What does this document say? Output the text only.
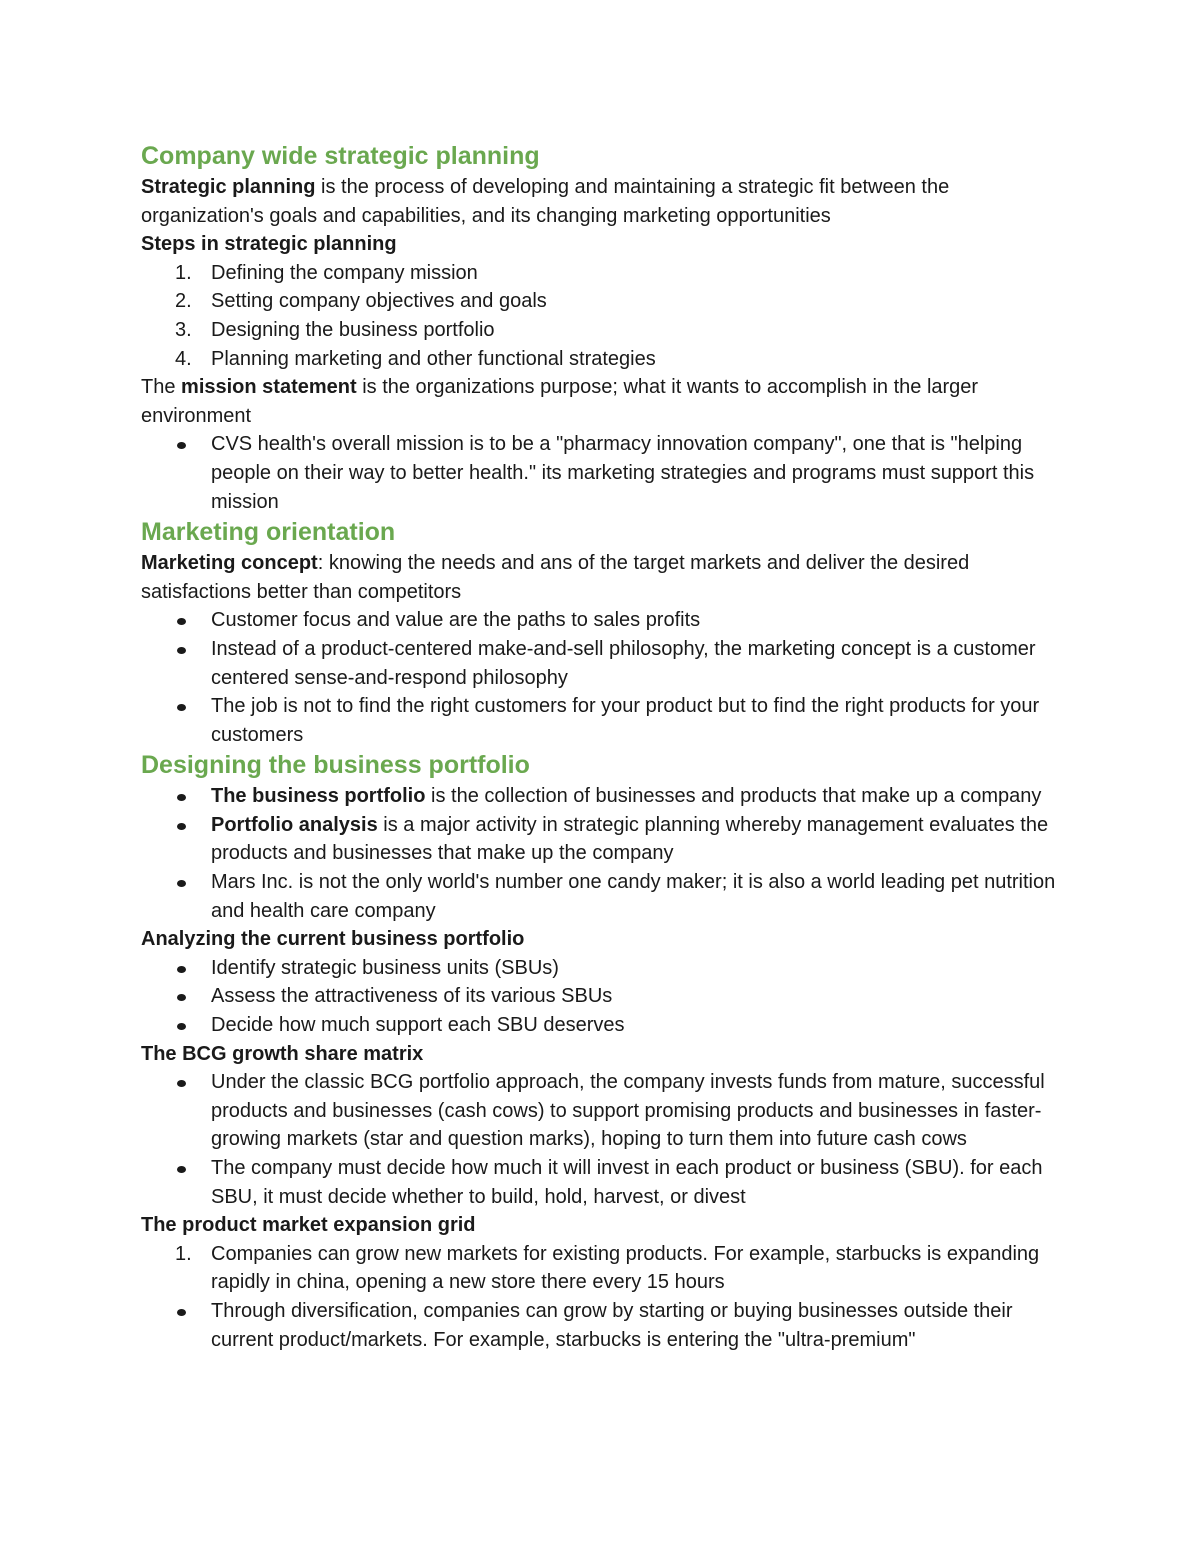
Company wide strategic planning

Strategic planning is the process of developing and maintaining a strategic fit between the organization's goals and capabilities, and its changing marketing opportunities

Steps in strategic planning

1. Defining the company mission
2. Setting company objectives and goals
3. Designing the business portfolio
4. Planning marketing and other functional strategies

The mission statement is the organizations purpose; what it wants to accomplish in the larger environment

CVS health's overall mission is to be a "pharmacy innovation company", one that is "helping people on their way to better health." its marketing strategies and programs must support this mission
Marketing orientation

Marketing concept: knowing the needs and ans of the target markets and deliver the desired satisfactions better than competitors

Customer focus and value are the paths to sales profits
Instead of a product-centered make-and-sell philosophy, the marketing concept is a customer centered sense-and-respond philosophy
The job is not to find the right customers for your product but to find the right products for your customers
Designing the business portfolio
The business portfolio is the collection of businesses and products that make up a company
Portfolio analysis is a major activity in strategic planning whereby management evaluates the products and businesses that make up the company
Mars Inc. is not the only world's number one candy maker; it is also a world leading pet nutrition and health care company

Analyzing the current business portfolio

Identify strategic business units (SBUs)
Assess the attractiveness of its various SBUs
Decide how much support each SBU deserves

The BCG growth share matrix

Under the classic BCG portfolio approach, the company invests funds from mature, successful products and businesses (cash cows) to support promising products and businesses in faster-growing markets (star and question marks), hoping to turn them into future cash cows
The company must decide how much it will invest in each product or business (SBU). for each SBU, it must decide whether to build, hold, harvest, or divest

The product market expansion grid

1. Companies can grow new markets for existing products. For example, starbucks is expanding rapidly in china, opening a new store there every 15 hours
Through diversification, companies can grow by starting or buying businesses outside their current product/markets. For example, starbucks is entering the "ultra-premium"
